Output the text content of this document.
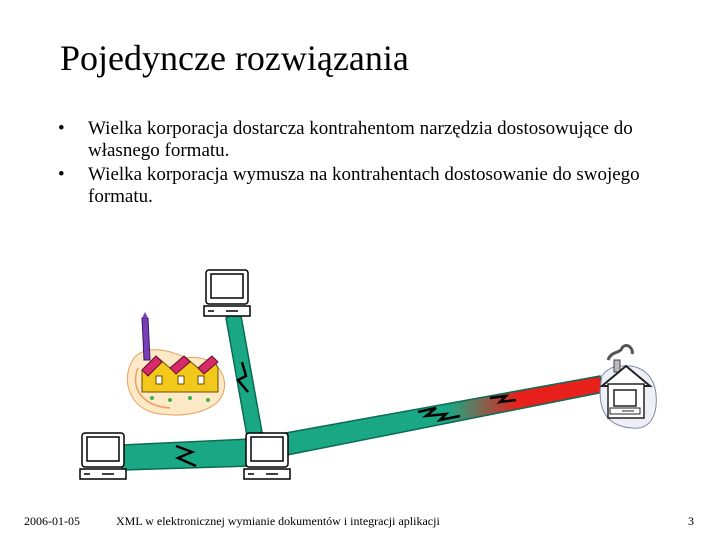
Pojedyncze rozwiązania
• Wielka korporacja dostarcza kontrahentom narzędzia dostosowujące do własnego formatu.
• Wielka korporacja wymusza na kontrahentach dostosowanie do swojego formatu.
2006-01-05	XML w elektronicznej wymianie dokumentów i integracji aplikacji	3
